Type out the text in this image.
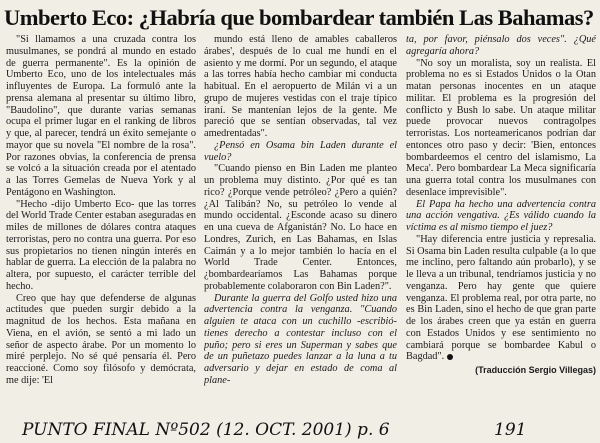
Umberto Eco: ¿Habría que bombardear también Las Bahamas?

"Si llamamos a una cruzada contra los musulmanes, se pondrá al mundo en estado de guerra permanente". Es la opinión de Umberto Eco, uno de los intelectuales más influyentes de Europa. La formuló ante la prensa alemana al presentar su último libro, "Baudolino", que durante varias semanas ocupa el primer lugar en el ranking de libros y que, al parecer, tendrá un éxito semejante o mayor que su novela "El nombre de la rosa". Por razones obvias, la conferencia de prensa se volcó a la situación creada por el atentado a las Torres Gemelas de Nueva York y al Pentágono en Washington.

"Hecho -dijo Umberto Eco- que las torres del World Trade Center estaban aseguradas en miles de millones de dólares contra ataques terroristas, pero no contra una guerra. Por eso sus propietarios no tienen ningún interés en hablar de guerra. La elección de la palabra no altera, por supuesto, el carácter terrible del hecho.

Creo que hay que defenderse de algunas actitudes que pueden surgir debido a la magnitud de los hechos. Esta mañana en Viena, en el avión, se sentó a mi lado un señor de aspecto árabe. Por un momento lo miré perplejo. No sé qué pensaría él. Pero reaccioné. Como soy filósofo y demócrata, me dije: 'El

mundo está lleno de amables caballeros árabes', después de lo cual me hundí en el asiento y me dormí. Por un segundo, el ataque a las torres había hecho cambiar mi conducta habitual. En el aeropuerto de Milán vi a un grupo de mujeres vestidas con el traje típico iraní. Se mantenían lejos de la gente. Me pareció que se sentían observadas, tal vez amedrentadas".

¿Pensó en Osama bin Laden durante el vuelo?

"Cuando pienso en Bin Laden me planteo un problema muy distinto. ¿Por qué es tan rico? ¿Porque vende petróleo? ¿Pero a quién? ¿Al Talibán? No, su petróleo lo vende al mundo occidental. ¿Esconde acaso su dinero en una cueva de Afganistán? No. Lo hace en Londres, Zurich, en Las Bahamas, en Islas Caimán y a lo mejor también lo hacía en el World Trade Center. Entonces, ¿bombardearíamos Las Bahamas porque probablemente colaboraron con Bin Laden?".

Durante la guerra del Golfo usted hizo una advertencia contra la venganza. "Cuando alguien te ataca con un cuchillo -escribió- tienes derecho a contestar incluso con el puño; pero si eres un Superman y sabes que de un puñetazo puedes lanzar a la luna a tu adversario y dejar en estado de coma al plane-

ta, por favor, piénsalo dos veces". ¿Qué agregaría ahora?

"No soy un moralista, soy un realista. El problema no es si Estados Unidos o la Otan matan personas inocentes en un ataque militar. El problema es la progresión del conflicto y Bush lo sabe. Un ataque militar puede provocar nuevos contragolpes terroristas. Los norteamericanos podrían dar entonces otro paso y decir: 'Bien, entonces bombardeemos el centro del islamismo, La Meca'. Pero bombardear La Meca significaría una guerra total contra los musulmanes con desenlace imprevisible".

El Papa ha hecho una advertencia contra una acción vengativa. ¿Es válido cuando la víctima es al mismo tiempo el juez?

"Hay diferencia entre justicia y represalia. Si Osama bin Laden resulta culpable (a lo que me inclino, pero faltando aún probarlo), y se le lleva a un tribunal, tendríamos justicia y no venganza. Pero hay gente que quiere venganza. El problema real, por otra parte, no es Bin Laden, sino el hecho de que gran parte de los árabes creen que ya están en guerra con Estados Unidos y ese sentimiento no cambiará porque se bombardee Kabul o Bagdad".

(Traducción Sergio Villegas)
PUNTO FINAL Nº502 (12. OCT. 2001) p. 6	191
